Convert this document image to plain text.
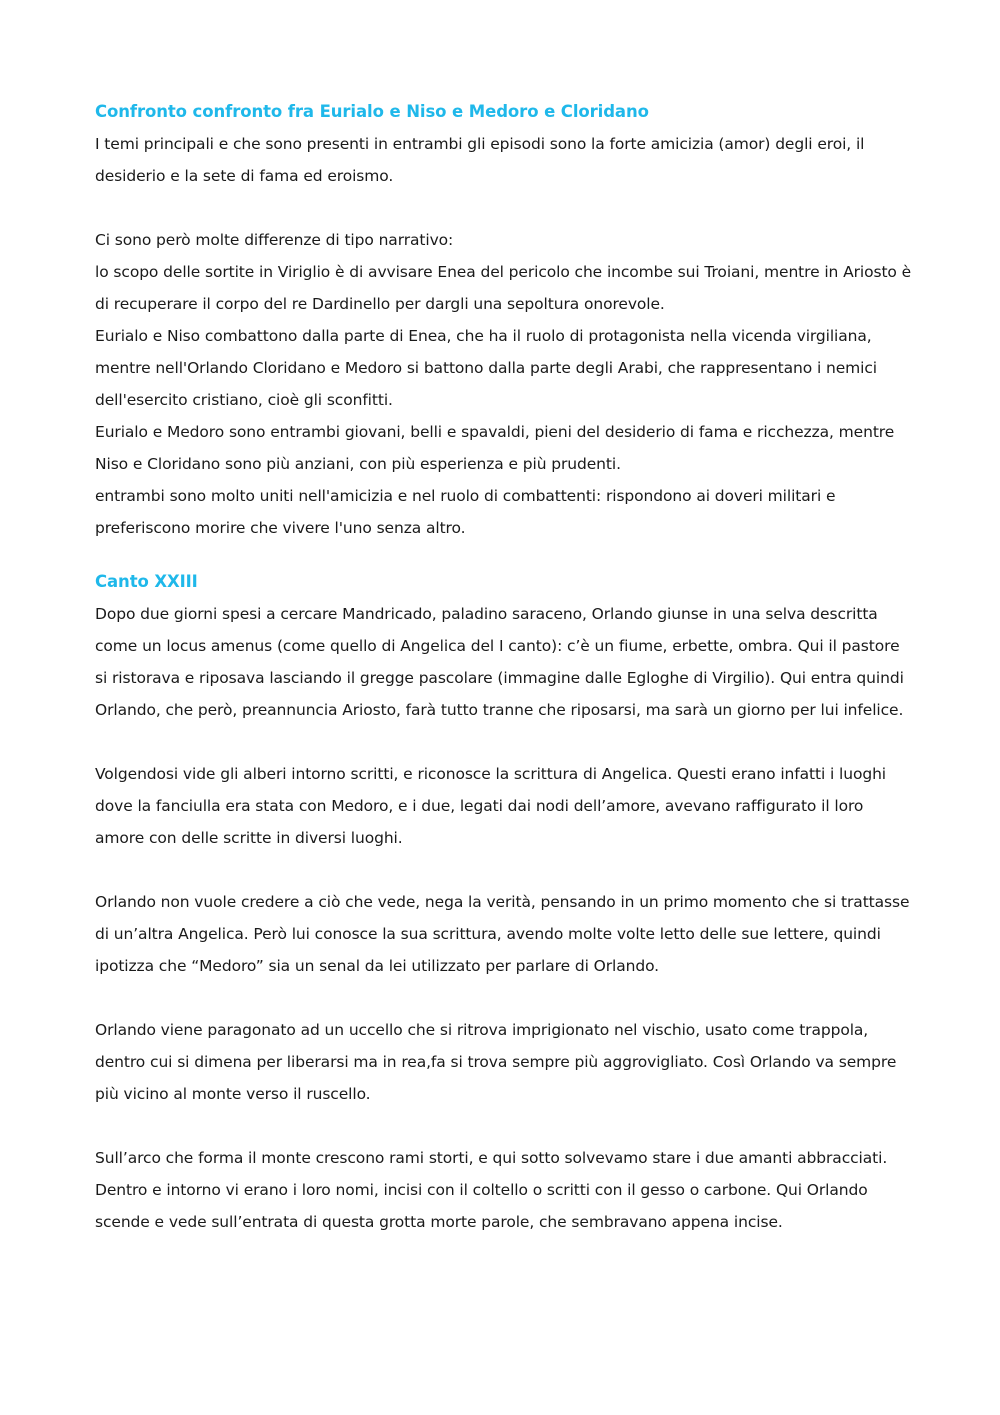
Confronto confronto fra Eurialo e Niso e Medoro e Cloridano

I temi principali e che sono presenti in entrambi gli episodi sono la forte amicizia (amor) degli eroi, il desiderio e la sete di fama ed eroismo.

Ci sono però molte differenze di tipo narrativo:

lo scopo delle sortite in Viriglio è di avvisare Enea del pericolo che incombe sui Troiani, mentre in Ariosto è di recuperare il corpo del re Dardinello per dargli una sepoltura onorevole.

Eurialo e Niso combattono dalla parte di Enea, che ha il ruolo di protagonista nella vicenda virgiliana, mentre nell'Orlando Cloridano e Medoro si battono dalla parte degli Arabi, che rappresentano i nemici dell'esercito cristiano, cioè gli sconfitti.

Eurialo e Medoro sono entrambi giovani, belli e spavaldi, pieni del desiderio di fama e ricchezza, mentre Niso e Cloridano sono più anziani, con più esperienza e più prudenti.

entrambi sono molto uniti nell'amicizia e nel ruolo di combattenti: rispondono ai doveri militari e preferiscono morire che vivere l'uno senza altro.

Canto XXIII

Dopo due giorni spesi a cercare Mandricado, paladino saraceno, Orlando giunse in una selva descritta come un locus amenus (come quello di Angelica del I canto): c’è un fiume, erbette, ombra. Qui il pastore si ristorava e riposava lasciando il gregge pascolare (immagine dalle Egloghe di Virgilio). Qui entra quindi Orlando, che però, preannuncia Ariosto, farà tutto tranne che riposarsi, ma sarà un giorno per lui infelice.

Volgendosi vide gli alberi intorno scritti, e riconosce la scrittura di Angelica. Questi erano infatti i luoghi dove la fanciulla era stata con Medoro, e i due, legati dai nodi dell’amore, avevano raffigurato il loro amore con delle scritte in diversi luoghi.

Orlando non vuole credere a ciò che vede, nega la verità, pensando in un primo momento che si trattasse di un’altra Angelica. Però lui conosce la sua scrittura, avendo molte volte letto delle sue lettere, quindi ipotizza che “Medoro” sia un senal da lei utilizzato per parlare di Orlando.

Orlando viene paragonato ad un uccello che si ritrova imprigionato nel vischio, usato come trappola, dentro cui si dimena per liberarsi ma in rea,fa si trova sempre più aggrovigliato. Così Orlando va sempre più vicino al monte verso il ruscello.

Sull’arco che forma il monte crescono rami storti, e qui sotto solvevamo stare i due amanti abbracciati. Dentro e intorno vi erano i loro nomi, incisi con il coltello o scritti con il gesso o carbone. Qui Orlando scende e vede sull’entrata di questa grotta morte parole, che sembravano appena incise.
